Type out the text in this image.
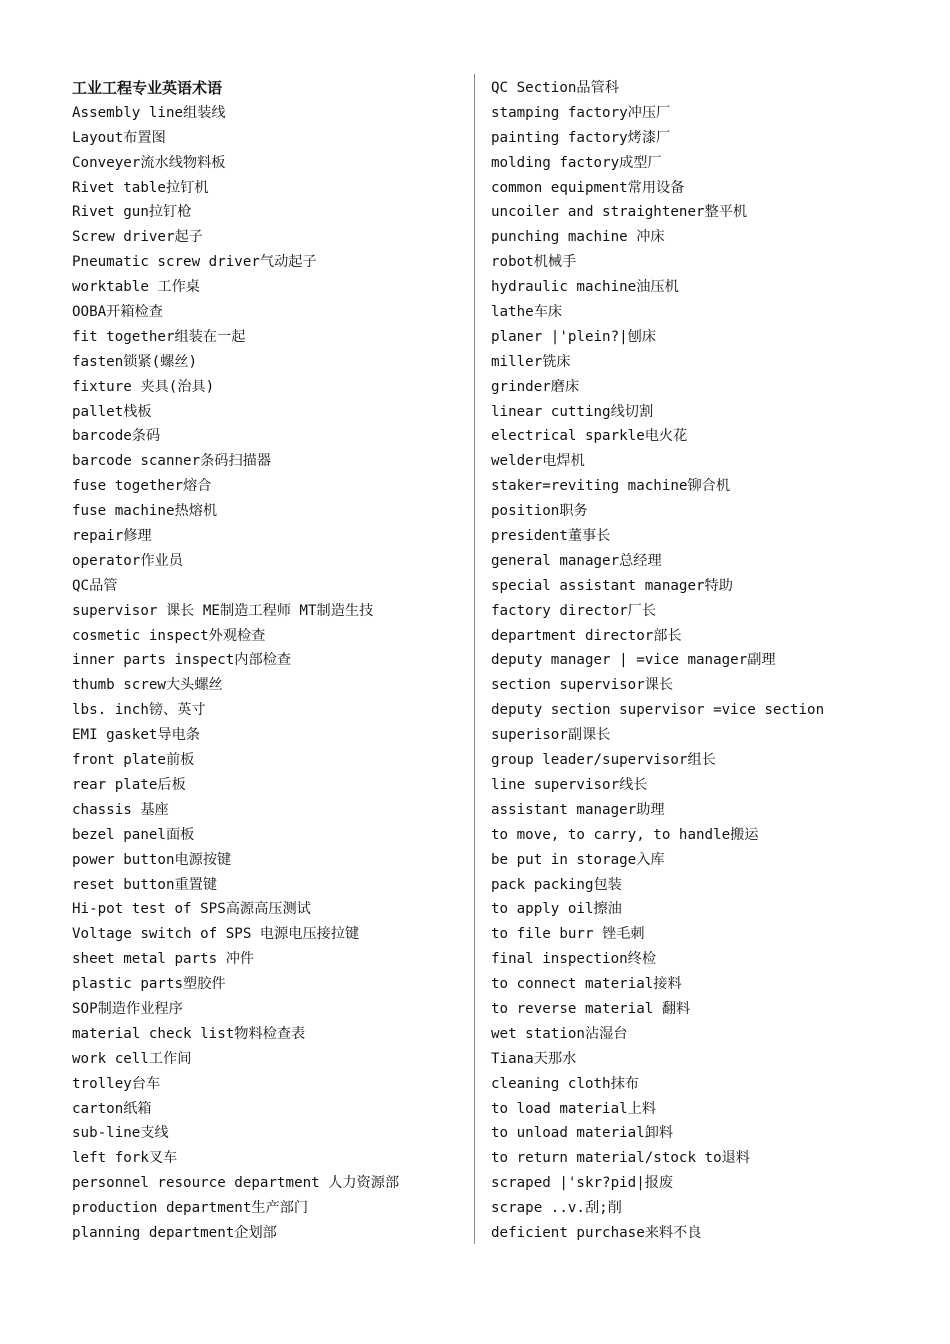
工业工程专业英语术语
Assembly line组装线
Layout布置图
Conveyer流水线物料板
Rivet table拉钉机
Rivet gun拉钉枪
Screw driver起子
Pneumatic screw driver气动起子
worktable 工作桌
OOBA开箱检查
fit together组装在一起
fasten锁紧(螺丝)
fixture 夹具(治具)
pallet栈板
barcode条码
barcode scanner条码扫描器
fuse together熔合
fuse machine热熔机
repair修理
operator作业员
QC品管
supervisor 课长 ME制造工程师 MT制造生技
cosmetic inspect外观检查
inner parts inspect内部检查
thumb screw大头螺丝
lbs. inch镑、英寸
EMI gasket导电条
front plate前板
rear plate后板
chassis 基座
bezel panel面板
power button电源按键
reset button重置键
Hi-pot test of SPS高源高压测试
Voltage switch of SPS 电源电压接拉键
sheet metal parts 冲件
plastic parts塑胶件
SOP制造作业程序
material check list物料检查表
work cell工作间
trolley台车
carton纸箱
sub-line支线
left fork叉车
personnel resource department 人力资源部
production department生产部门
planning department企划部
QC Section品管科
stamping factory冲压厂
painting factory烤漆厂
molding factory成型厂
common equipment常用设备
uncoiler and straightener整平机
punching machine 冲床
robot机械手
hydraulic machine油压机
lathe车床
planer |'plein?|刨床
miller铣床
grinder磨床
linear cutting线切割
electrical sparkle电火花
welder电焊机
staker=reviting machine铆合机
position职务
president董事长
general manager总经理
special assistant manager特助
factory director厂长
department director部长
deputy manager | =vice manager副理
section supervisor课长
deputy section supervisor =vice section
superisor副课长
group leader/supervisor组长
line supervisor线长
assistant manager助理
to move, to carry, to handle搬运
be put in storage入库
pack packing包装
to apply oil擦油
to file burr 锉毛刺
final inspection终检
to connect material接料
to reverse material 翻料
wet station沾湿台
Tiana天那水
cleaning cloth抹布
to load material上料
to unload material卸料
to return material/stock to退料
scraped |'skr?pid|报废
scrape ..v.刮;削
deficient purchase来料不良
